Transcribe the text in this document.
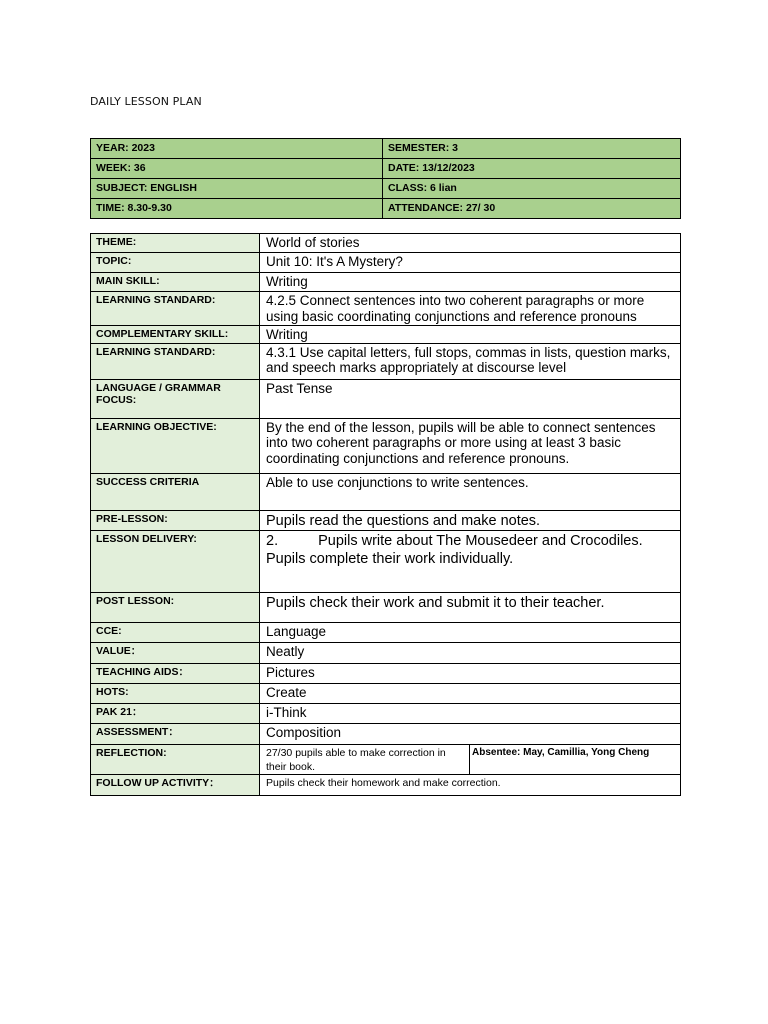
DAILY LESSON PLAN
YEAR: 2023	SEMESTER: 3
WEEK: 36	DATE: 13/12/2023
SUBJECT: ENGLISH	CLASS: 6 lian
TIME: 8.30-9.30	ATTENDANCE: 27/ 30
THEME:	World of stories	
TOPIC:	Unit 10: It's A Mystery?	
MAIN SKILL:	Writing	
LEARNING STANDARD:	4.2.5 Connect sentences into two coherent paragraphs or more using basic coordinating conjunctions and reference pronouns	
COMPLEMENTARY SKILL:	Writing	
LEARNING STANDARD:	4.3.1 Use capital letters, full stops, commas in lists, question marks, and speech marks appropriately at discourse level	
LANGUAGE / GRAMMAR FOCUS:	Past Tense	
LEARNING OBJECTIVE:	By the end of the lesson, pupils will be able to connect sentences into two coherent paragraphs or more using at least 3 basic coordinating conjunctions and reference pronouns.	
SUCCESS CRITERIA	Able to use conjunctions to write sentences.	
PRE-LESSON:	Pupils read the questions and make notes.	
LESSON DELIVERY:	2. Pupils write about The Mousedeer and Crocodiles.
Pupils complete their work individually.	

POST LESSON:	Pupils check their work and submit it to their teacher.	
CCE:	Language	
VALUE：	Neatly	
TEACHING AIDS：	Pictures	
HOTS:	Create	
PAK 21：	i-Think	
ASSESSMENT：	Composition	
REFLECTION:	27/30 pupils able to make correction in their book.	Absentee: May, Camillia, Yong Cheng
FOLLOW UP ACTIVITY：	Pupils check their homework and make correction.	
